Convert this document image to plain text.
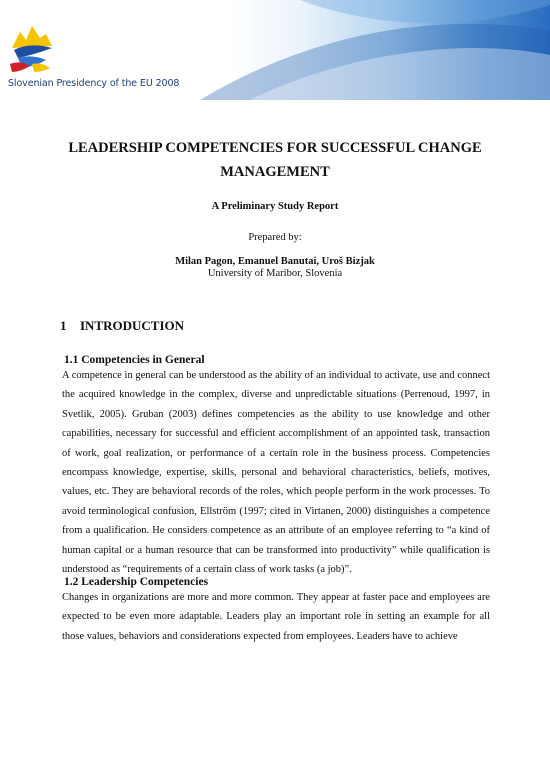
Slovenian Presidency of the EU 2008
LEADERSHIP COMPETENCIES FOR SUCCESSFUL CHANGE MANAGEMENT
A Preliminary Study Report
Prepared by:
Milan Pagon, Emanuel Banutai, Uroš Bizjak
University of Maribor, Slovenia
1 INTRODUCTION
1.1 Competencies in General

A competence in general can be understood as the ability of an individual to activate, use and connect the acquired knowledge in the complex, diverse and unpredictable situations (Perrenoud, 1997, in Svetlik, 2005). Gruban (2003) defines competencies as the ability to use knowledge and other capabilities, necessary for successful and efficient accomplishment of an appointed task, transaction of work, goal realization, or performance of a certain role in the business process. Competencies encompass knowledge, expertise, skills, personal and behavioral characteristics, beliefs, motives, values, etc. They are behavioral records of the roles, which people perform in the work processes. To avoid terminological confusion, Ellström (1997; cited in Virtanen, 2000) distinguishes a competence from a qualification. He considers competence as an attribute of an employee referring to “a kind of human capital or a human resource that can be transformed into productivity” while qualification is understood as “requirements of a certain class of work tasks (a job)”.

1.2 Leadership Competencies

Changes in organizations are more and more common. They appear at faster pace and employees are expected to be even more adaptable. Leaders play an important role in setting an example for all those values, behaviors and considerations expected from employees. Leaders have to achieve
